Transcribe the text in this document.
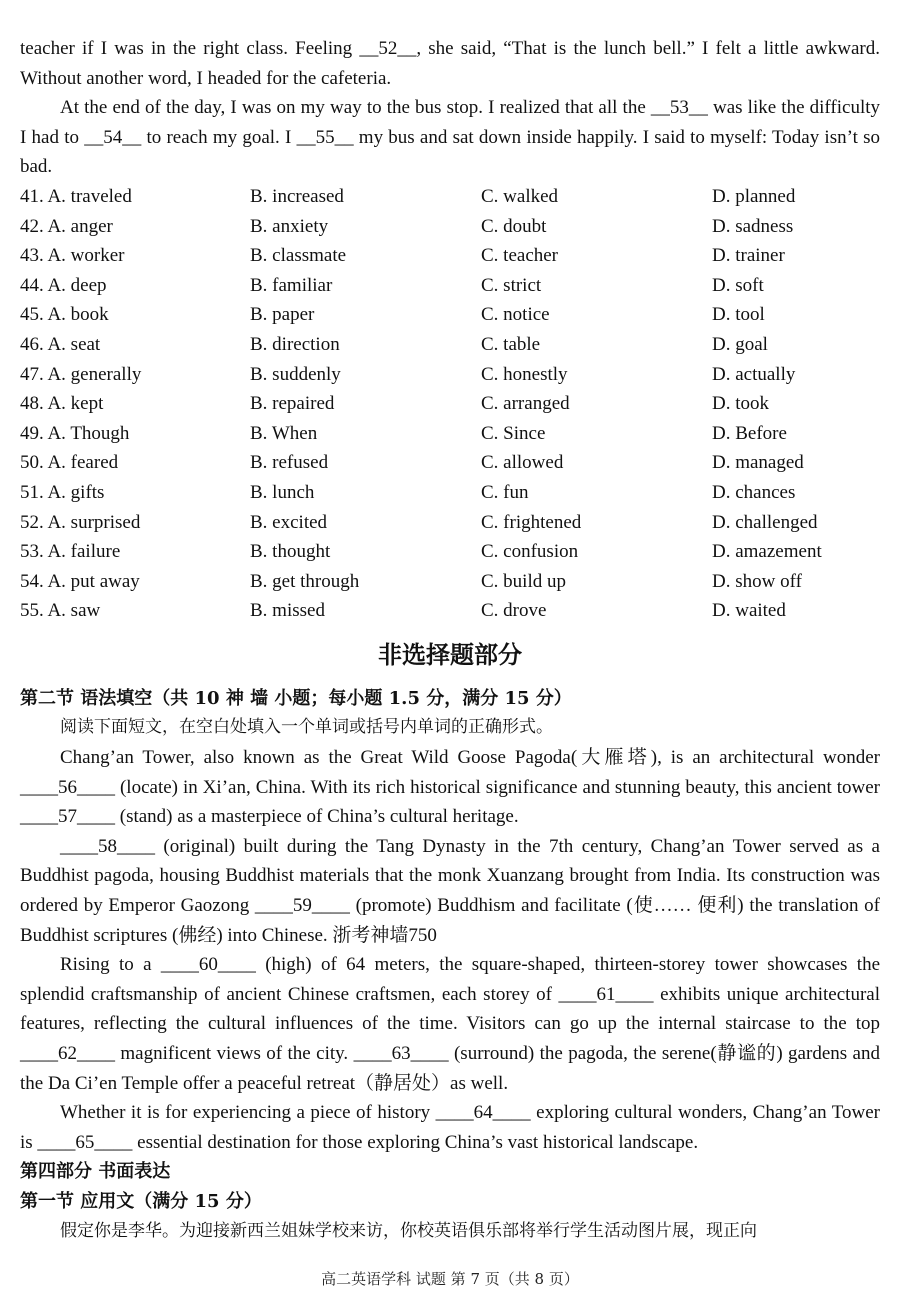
teacher if I was in the right class. Feeling __52__, she said, “That is the lunch bell.” I felt a little awkward. Without another word, I headed for the cafeteria.

At the end of the day, I was on my way to the bus stop. I realized that all the __53__ was like the difficulty I had to __54__ to reach my goal. I __55__ my bus and sat down inside happily. I said to myself: Today isn’t so bad.

41. A. traveled	B. increased	C. walked	D. planned
42. A. anger	B. anxiety	C. doubt	D. sadness
43. A. worker	B. classmate	C. teacher	D. trainer
44. A. deep	B. familiar	C. strict	D. soft
45. A. book	B. paper	C. notice	D. tool
46. A. seat	B. direction	C. table	D. goal
47. A. generally	B. suddenly	C. honestly	D. actually
48. A. kept	B. repaired	C. arranged	D. took
49. A. Though	B. When	C. Since	D. Before
50. A. feared	B. refused	C. allowed	D. managed
51. A. gifts	B. lunch	C. fun	D. chances
52. A. surprised	B. excited	C. frightened	D. challenged
53. A. failure	B. thought	C. confusion	D. amazement
54. A. put away	B. get through	C. build up	D. show off
55. A. saw	B. missed	C. drove	D. waited

非选择题部分

第二节 语法填空（共 10 神 墙 小题；每小题 1.5 分，满分 15 分）

阅读下面短文，在空白处填入一个单词或括号内单词的正确形式。

Chang’an Tower, also known as the Great Wild Goose Pagoda(大雁塔), is an architectural wonder ____56____ (locate) in Xi’an, China. With its rich historical significance and stunning beauty, this ancient tower ____57____ (stand) as a masterpiece of China’s cultural heritage.

____58____ (original) built during the Tang Dynasty in the 7th century, Chang’an Tower served as a Buddhist pagoda, housing Buddhist materials that the monk Xuanzang brought from India. Its construction was ordered by Emperor Gaozong ____59____ (promote) Buddhism and facilitate (使…… 便利) the translation of Buddhist scriptures (佛经) into Chinese. 浙考神墙750

Rising to a ____60____ (high) of 64 meters, the square-shaped, thirteen-storey tower showcases the splendid craftsmanship of ancient Chinese craftsmen, each storey of ____61____ exhibits unique architectural features, reflecting the cultural influences of the time. Visitors can go up the internal staircase to the top ____62____ magnificent views of the city. ____63____ (surround) the pagoda, the serene(静谧的) gardens and the Da Ci’en Temple offer a peaceful retreat（静居处）as well.

Whether it is for experiencing a piece of history ____64____ exploring cultural wonders, Chang’an Tower is ____65____ essential destination for those exploring China’s vast historical landscape.

第四部分 书面表达

第一节 应用文（满分 15 分）

假定你是李华。为迎接新西兰姐妹学校来访，你校英语俱乐部将举行学生活动图片展，现正向

高二英语学科 试题 第 7 页（共 8 页）
